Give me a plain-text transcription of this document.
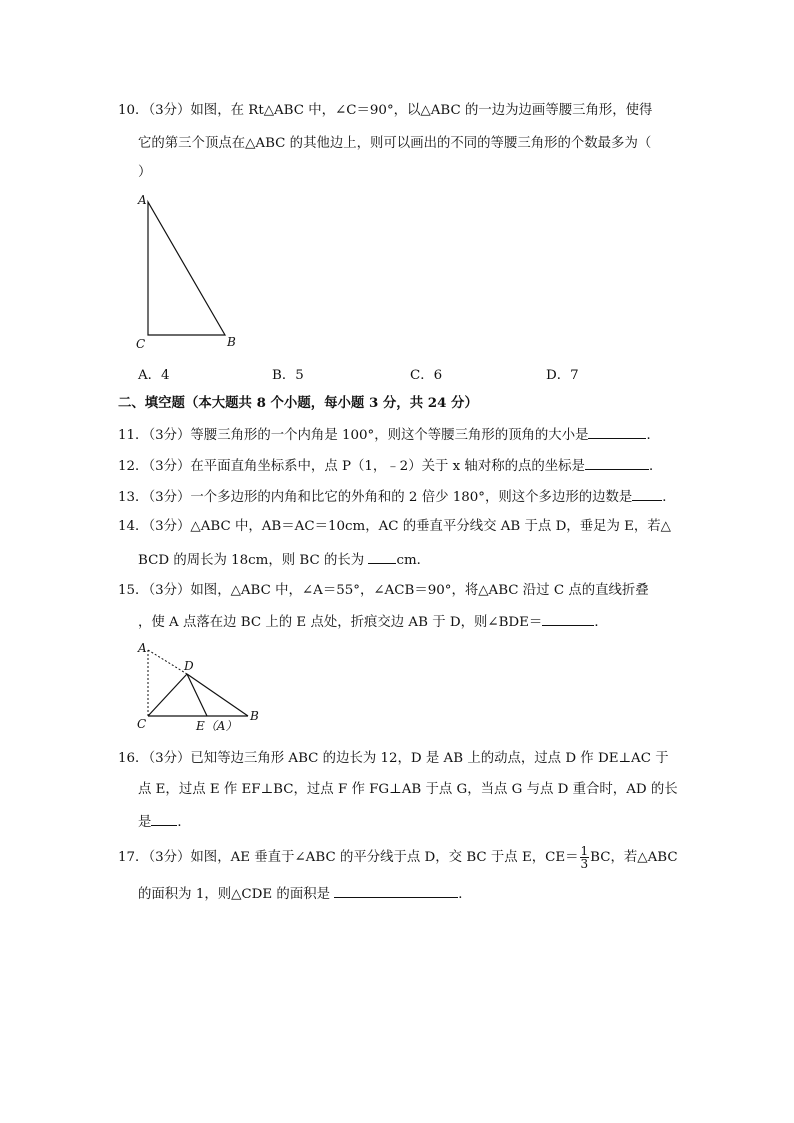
10．（3分）如图，在 Rt△ABC 中，∠C＝90°，以△ABC 的一边为边画等腰三角形，使得
它的第三个顶点在△ABC 的其他边上，则可以画出的不同的等腰三角形的个数最多为（
）
A
C	B
A．4	B．5	C．6	D．7
二、填空题（本大题共 8 个小题，每小题 3 分，共 24 分）
11．（3分）等腰三角形的一个内角是 100°，则这个等腰三角形的顶角的大小是	．
12．（3分）在平面直角坐标系中，点 P（1，﹣2）关于 x 轴对称的点的坐标是	．
13．（3分）一个多边形的内角和比它的外角和的 2 倍少 180°，则这个多边形的边数是 ．
14．（3分）△ABC 中，AB＝AC＝10cm，AC 的垂直平分线交 AB 于点 D，垂足为 E，若△
BCD 的周长为 18cm，则 BC 的长为 cm．
15．（3分）如图，△ABC 中，∠A＝55°，∠ACB＝90°，将△ABC 沿过 C 点的直线折叠
，使 A 点落在边 BC 上的 E 点处，折痕交边 AB 于 D，则∠BDE＝	．
A
D
C	E（A）
B
16．（3分）已知等边三角形 ABC 的边长为 12，D 是 AB 上的动点，过点 D 作 DE⊥AC 于
点 E，过点 E 作 EF⊥BC，过点 F 作 FG⊥AB 于点 G，当点 G 与点 D 重合时，AD 的长
是 ．
17．（3分）如图，AE 垂直于∠ABC 的平分线于点 D，交 BC 于点 E，$CE= \frac{1}{3}$ BC，若△ABC
的面积为 1，则△CDE 的面积是	．
